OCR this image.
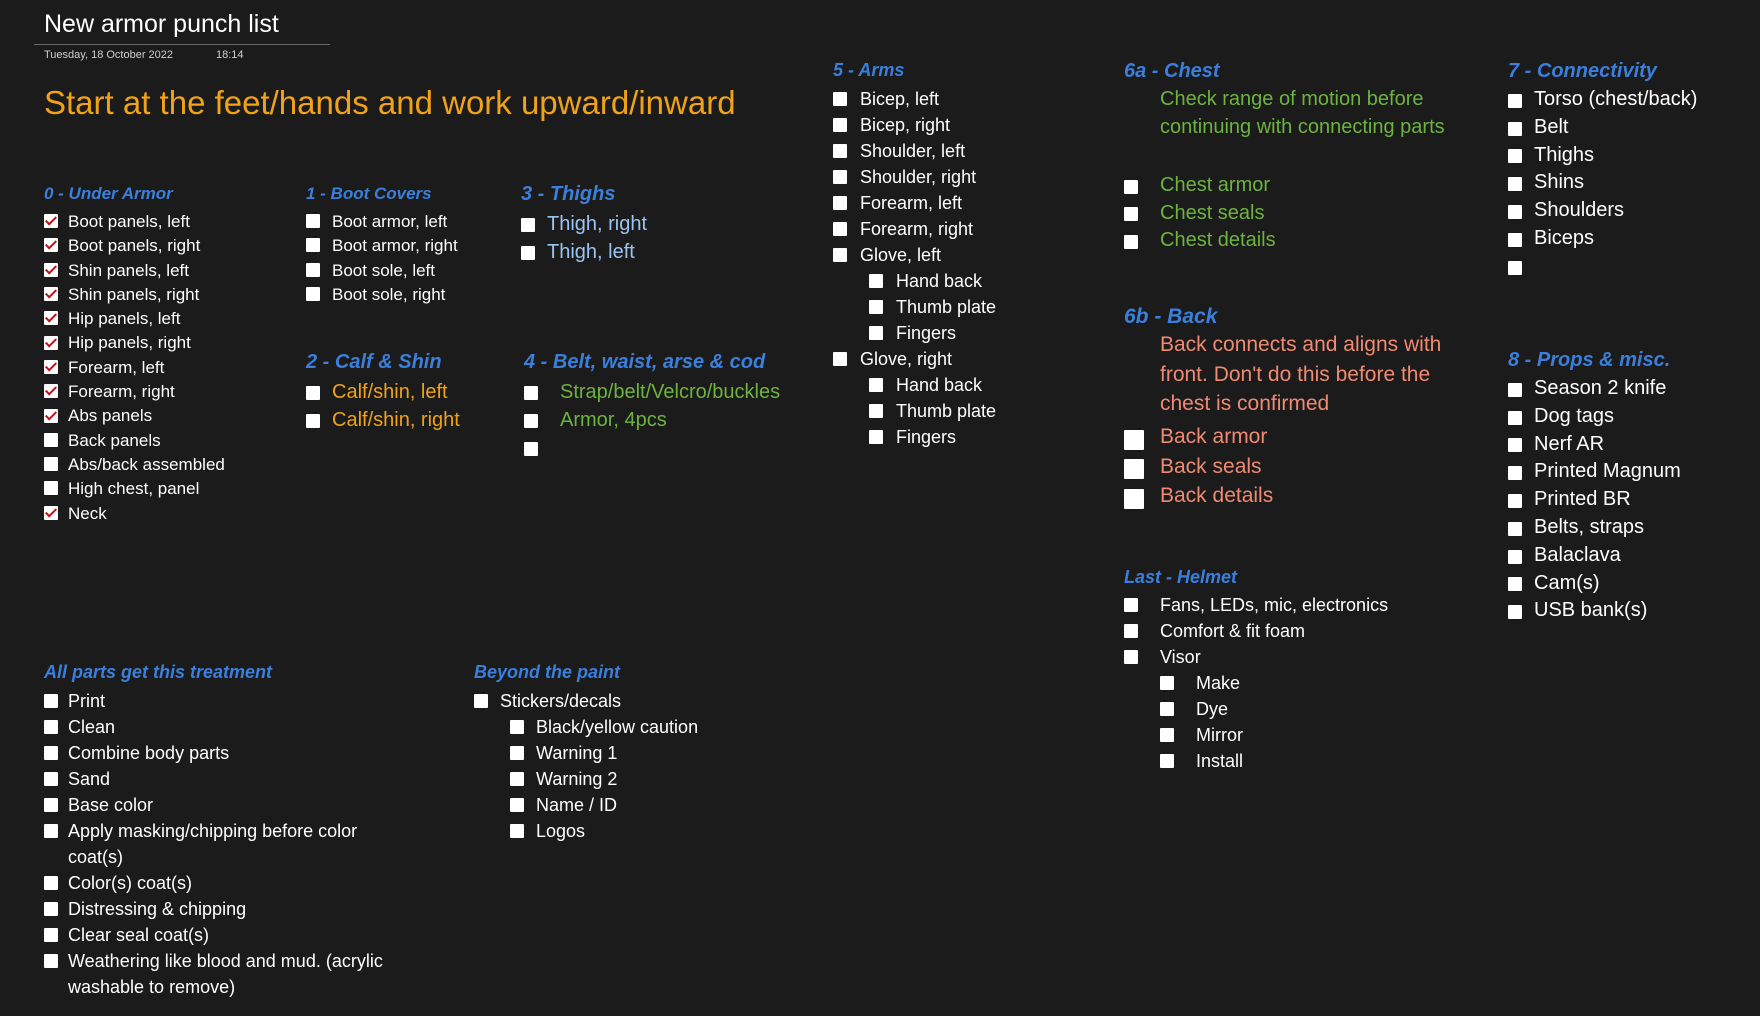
New armor punch list
Tuesday, 18 October 2022	18:14
Start at the feet/hands and work upward/inward
0 - Under Armor
Boot panels, left
Boot panels, right
Shin panels, left
Shin panels, right
Hip panels, left
Hip panels, right
Forearm, left
Forearm, right
Abs panels
Back panels
Abs/back assembled
High chest, panel
Neck
1 - Boot Covers
Boot armor, left
Boot armor, right
Boot sole, left
Boot sole, right
2 - Calf & Shin
Calf/shin, left
Calf/shin, right
3 - Thighs
Thigh, right
Thigh, left
4 - Belt, waist, arse & cod
Strap/belt/Velcro/buckles
Armor, 4pcs
5 - Arms
Bicep, left
Bicep, right
Shoulder, left
Shoulder, right
Forearm, left
Forearm, right
Glove, left
Hand back
Thumb plate
Fingers
Glove, right
Hand back
Thumb plate
Fingers
6a - Chest
Check range of motion before continuing with connecting parts
Chest armor
Chest seals
Chest details
6b - Back
Back connects and aligns with front. Don't do this before the chest is confirmed
Back armor
Back seals
Back details
Last - Helmet
Fans, LEDs, mic, electronics
Comfort & fit foam
Visor
Make
Dye
Mirror
Install
7 - Connectivity
Torso (chest/back)
Belt
Thighs
Shins
Shoulders
Biceps
8 - Props & misc.
Season 2 knife
Dog tags
Nerf AR
Printed Magnum
Printed BR
Belts, straps
Balaclava
Cam(s)
USB bank(s)
All parts get this treatment
Print
Clean
Combine body parts
Sand
Base color
Apply masking/chipping before color coat(s)
Color(s) coat(s)
Distressing & chipping
Clear seal coat(s)
Weathering like blood and mud. (acrylic washable to remove)
Beyond the paint
Stickers/decals
Black/yellow caution
Warning 1
Warning 2
Name / ID
Logos
